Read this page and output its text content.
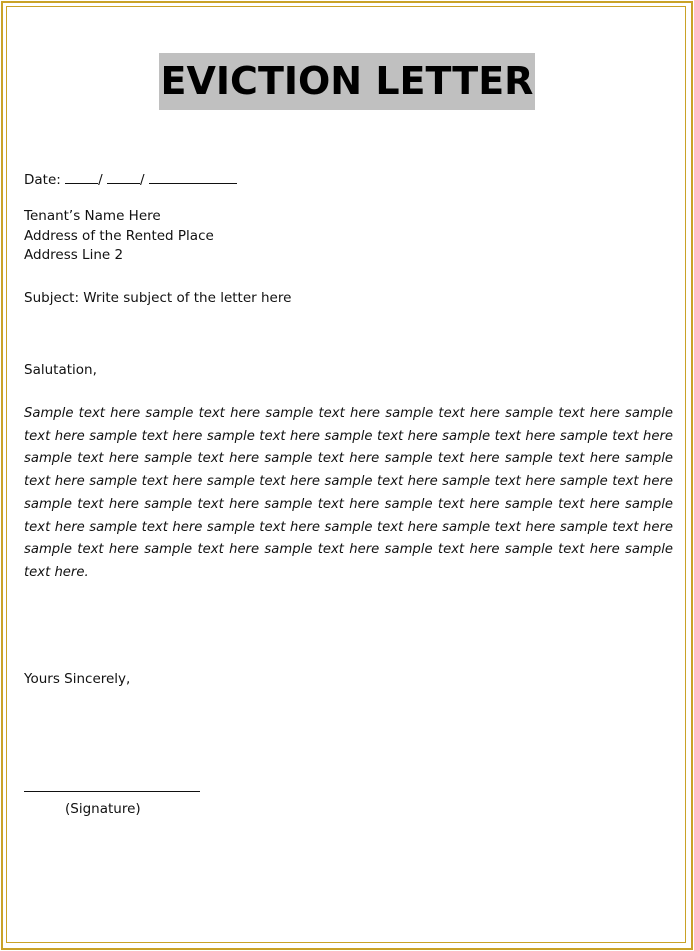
EVICTION LETTER
Date:	/	/
Tenant’s Name Here
Address of the Rented Place
Address Line 2
Subject: Write subject of the letter here
Salutation,
Sample text here sample text here sample text here sample text here sample text here sample text here sample text here sample text here sample text here sample text here sample text here sample text here sample text here sample text here sample text here sample text here sample text here sample text here sample text here sample text here sample text here sample text here sample text here sample text here sample text here sample text here sample text here sample text here sample text here sample text here sample text here sample text here sample text here sample text here sample text here sample text here sample text here sample text here sample text here.
Yours Sincerely,
(Signature)
